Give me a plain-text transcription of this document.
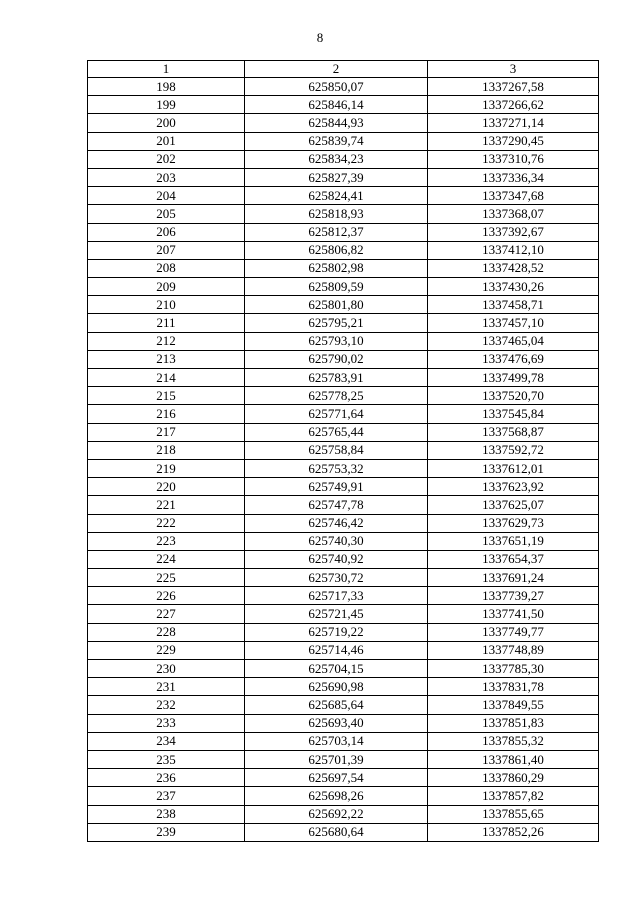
8
1	2	3
198	625850,07	1337267,58
199	625846,14	1337266,62
200	625844,93	1337271,14
201	625839,74	1337290,45
202	625834,23	1337310,76
203	625827,39	1337336,34
204	625824,41	1337347,68
205	625818,93	1337368,07
206	625812,37	1337392,67
207	625806,82	1337412,10
208	625802,98	1337428,52
209	625809,59	1337430,26
210	625801,80	1337458,71
211	625795,21	1337457,10
212	625793,10	1337465,04
213	625790,02	1337476,69
214	625783,91	1337499,78
215	625778,25	1337520,70
216	625771,64	1337545,84
217	625765,44	1337568,87
218	625758,84	1337592,72
219	625753,32	1337612,01
220	625749,91	1337623,92
221	625747,78	1337625,07
222	625746,42	1337629,73
223	625740,30	1337651,19
224	625740,92	1337654,37
225	625730,72	1337691,24
226	625717,33	1337739,27
227	625721,45	1337741,50
228	625719,22	1337749,77
229	625714,46	1337748,89
230	625704,15	1337785,30
231	625690,98	1337831,78
232	625685,64	1337849,55
233	625693,40	1337851,83
234	625703,14	1337855,32
235	625701,39	1337861,40
236	625697,54	1337860,29
237	625698,26	1337857,82
238	625692,22	1337855,65
239	625680,64	1337852,26
